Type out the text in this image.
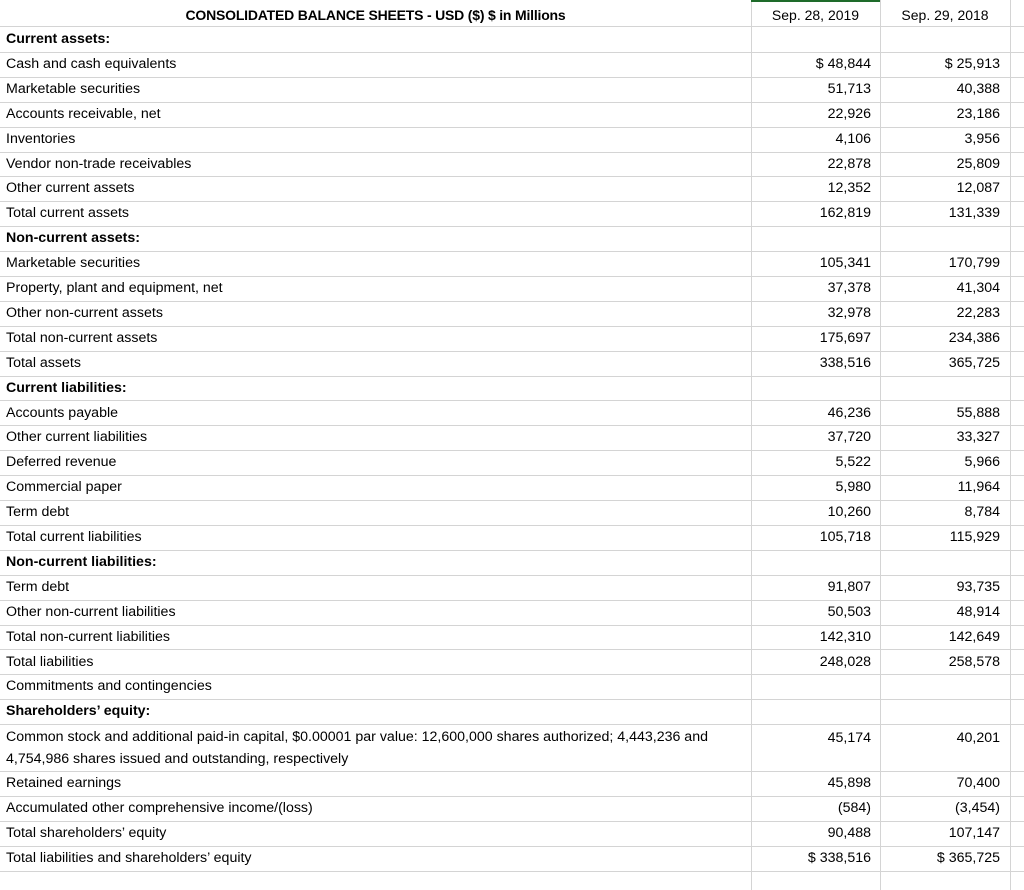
CONSOLIDATED BALANCE SHEETS - USD ($) $ in Millions	Sep. 28, 2019	Sep. 29, 2018
Current assets:
Cash and cash equivalents	$ 48,844	$ 25,913
Marketable securities	51,713	40,388
Accounts receivable, net	22,926	23,186
Inventories	4,106	3,956
Vendor non-trade receivables	22,878	25,809
Other current assets	12,352	12,087
Total current assets	162,819	131,339
Non-current assets:
Marketable securities	105,341	170,799
Property, plant and equipment, net	37,378	41,304
Other non-current assets	32,978	22,283
Total non-current assets	175,697	234,386
Total assets	338,516	365,725
Current liabilities:
Accounts payable	46,236	55,888
Other current liabilities	37,720	33,327
Deferred revenue	5,522	5,966
Commercial paper	5,980	11,964
Term debt	10,260	8,784
Total current liabilities	105,718	115,929
Non-current liabilities:
Term debt	91,807	93,735
Other non-current liabilities	50,503	48,914
Total non-current liabilities	142,310	142,649
Total liabilities	248,028	258,578
Commitments and contingencies
Shareholders’ equity:
Common stock and additional paid-in capital, $0.00001 par value: 12,600,000 shares authorized; 4,443,236 and 4,754,986 shares issued and outstanding, respectively
45,174	40,201
Retained earnings	45,898	70,400
Accumulated other comprehensive income/(loss)	(584)	(3,454)
Total shareholders’ equity	90,488	107,147
Total liabilities and shareholders’ equity	$ 338,516	$ 365,725
